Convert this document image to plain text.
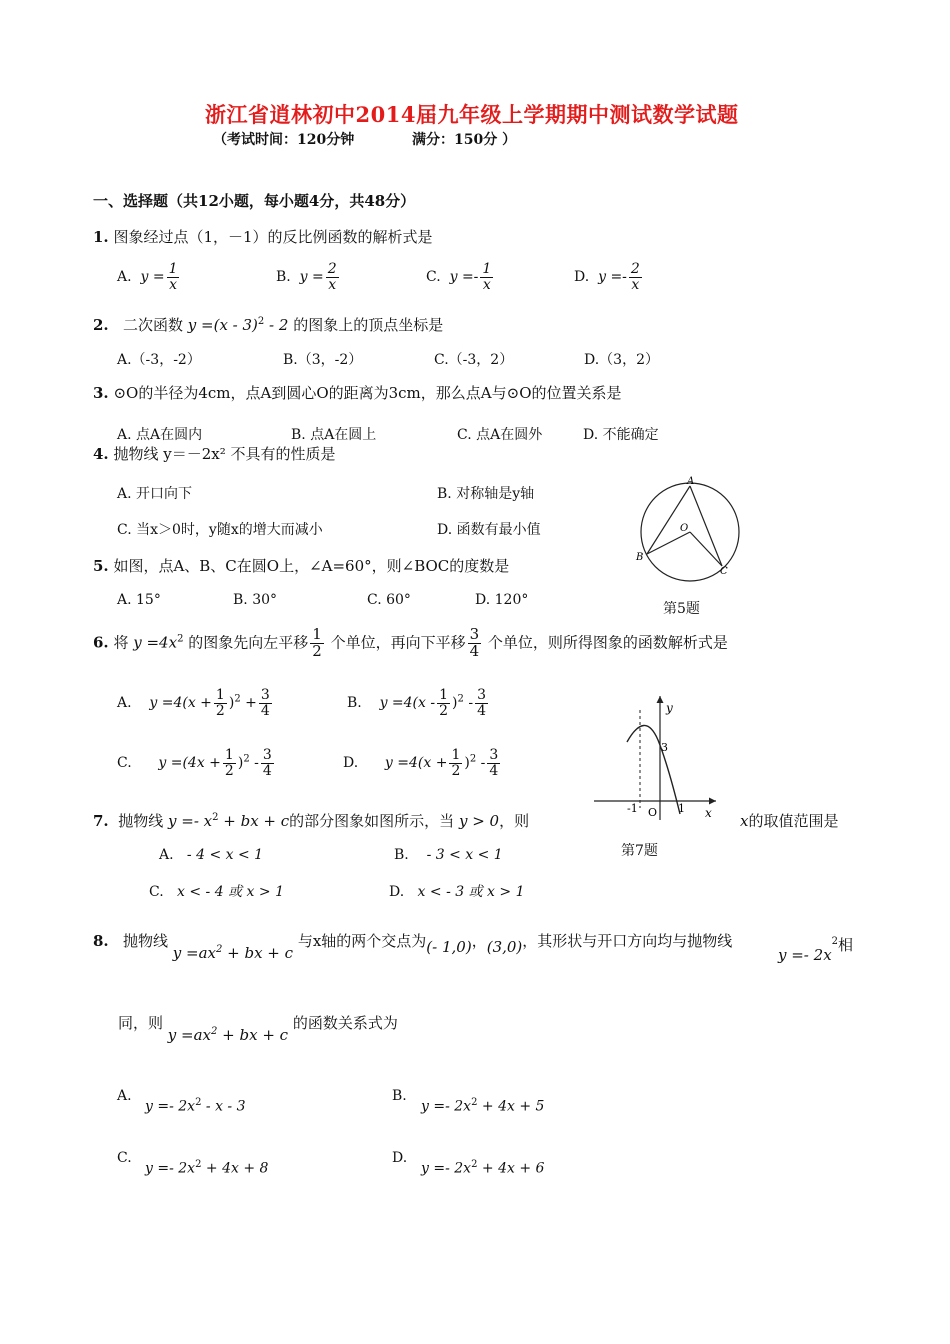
浙江省逍林初中2014届九年级上学期期中测试数学试题
（考试时间：120分钟	满分：150分 ）
一、选择题（共12小题，每小题4分，共48分）
1. 图象经过点（1，－1）的反比例函数的解析式是
A. $y = \frac{1}{x}$	B. $y = \frac{2}{x}$	C. $y =- \frac{1}{x}$	D. $y =- \frac{2}{x}$
2. 二次函数 y =(x - 3)$^2$ - 2 的图象上的顶点坐标是
A.（-3，-2）	B.（3，-2）	C.（-3，2）	D.（3，2）
3. ⊙O的半径为4cm，点A到圆心O的距离为3cm，那么点A与⊙O的位置关系是
A. 点A在圆内	B. 点A在圆上	C. 点A在圆外	D. 不能确定
4. 抛物线 y＝－2x² 不具有的性质是
A. 开口向下	B. 对称轴是y轴
C. 当x＞0时，y随x的增大而减小	D. 函数有最小值
A
B
C
O
5. 如图，点A、B、C在圆O上，∠A=60°，则∠BOC的度数是
A. 15°	B. 30°	C. 60°	D. 120°
第5题
6. 将 $y =4x^2$ 的图象先向左平移 $\frac{1}{2}$ 个单位，再向下平移 $\frac{3}{4}$ 个单位，则所得图象的函数解析式是
A. $y =4(x + \frac{1}{2} )^2 + \frac{3}{4}$	B. $y =4(x - \frac{1}{2} )^2 - \frac{3}{4}$
C. $y =(4x + \frac{1}{2} )^2 - \frac{3}{4}$	D. $y =4(x + \frac{1}{2} )^2 - \frac{3}{4}$
y
x
3
-1 O 1
7. 抛物线 $y =- x^2$ + bx + c的部分图象如图所示，当 y > 0，则	x的取值范围是
第7题
A. - 4 < x < 1	B. - 3 < x < 1
C. x < - 4 或 x > 1	D. x < - 3 或 x > 1
8. 抛物线 $y =ax^2$ + bx + c 与x轴的两个交点为(- 1,0)，(3,0)，其形状与开口方向均与抛物线
$y =- 2x^2$相
同，则 $y =ax^2$ + bx + c 的函数关系式为
A.
$y =- 2x^2 - x - 3$
B.
$y =- 2x^2 + 4x + 5$
C.
$y =- 2x^2 + 4x + 8$
D.
$y =- 2x^2 + 4x + 6$
